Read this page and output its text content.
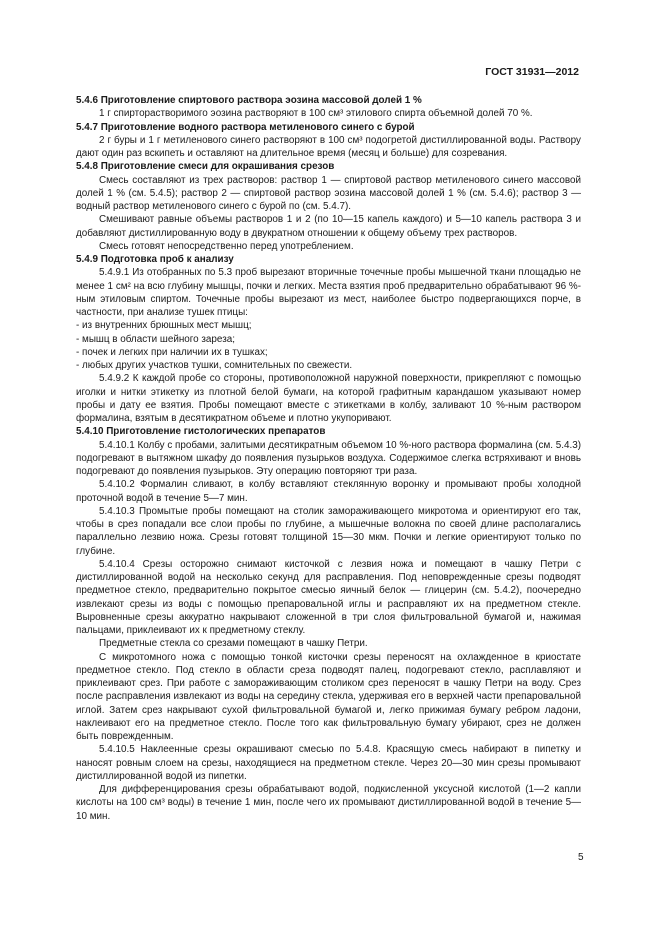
ГОСТ 31931—2012
5.4.6 Приготовление спиртового раствора эозина массовой долей 1 %
1 г спирторастворимого эозина растворяют в 100 см³ этилового спирта объемной долей 70 %.
5.4.7 Приготовление водного раствора метиленового синего с бурой
2 г буры и 1 г метиленового синего растворяют в 100 см³ подогретой дистиллированной воды. Раствору дают один раз вскипеть и оставляют на длительное время (месяц и больше) для созревания.
5.4.8 Приготовление смеси для окрашивания срезов
Смесь составляют из трех растворов: раствор 1 — спиртовой раствор метиленового синего массовой долей 1 % (см. 5.4.5); раствор 2 — спиртовой раствор эозина массовой долей 1 % (см. 5.4.6); раствор 3 — водный раствор метиленового синего с бурой по (см. 5.4.7).
Смешивают равные объемы растворов 1 и 2 (по 10—15 капель каждого) и 5—10 капель раствора 3 и добавляют дистиллированную воду в двукратном отношении к общему объему трех растворов.
Смесь готовят непосредственно перед употреблением.
5.4.9 Подготовка проб к анализу
5.4.9.1 Из отобранных по 5.3 проб вырезают вторичные точечные пробы мышечной ткани площадью не менее 1 см² на всю глубину мышцы, почки и легких. Места взятия проб предварительно обрабатывают 96 %-ным этиловым спиртом. Точечные пробы вырезают из мест, наиболее быстро подвергающихся порче, в частности, при анализе тушек птицы:
- из внутренних брюшных мест мышц;
- мышц в области шейного зареза;
- почек и легких при наличии их в тушках;
- любых других участков тушки, сомнительных по свежести.
5.4.9.2 К каждой пробе со стороны, противоположной наружной поверхности, прикрепляют с помощью иголки и нитки этикетку из плотной белой бумаги, на которой графитным карандашом указывают номер пробы и дату ее взятия. Пробы помещают вместе с этикетками в колбу, заливают 10 %-ным раствором формалина, взятым в десятикратном объеме и плотно укупоривают.
5.4.10 Приготовление гистологических препаратов
5.4.10.1 Колбу с пробами, залитыми десятикратным объемом 10 %-ного раствора формалина (см. 5.4.3) подогревают в вытяжном шкафу до появления пузырьков воздуха. Содержимое слегка встряхивают и вновь подогревают до появления пузырьков. Эту операцию повторяют три раза.
5.4.10.2 Формалин сливают, в колбу вставляют стеклянную воронку и промывают пробы холодной проточной водой в течение 5—7 мин.
5.4.10.3 Промытые пробы помещают на столик замораживающего микротома и ориентируют его так, чтобы в срез попадали все слои пробы по глубине, а мышечные волокна по своей длине располагались параллельно лезвию ножа. Срезы готовят толщиной 15—30 мкм. Почки и легкие ориентируют только по глубине.
5.4.10.4 Срезы осторожно снимают кисточкой с лезвия ножа и помещают в чашку Петри с дистиллированной водой на несколько секунд для расправления. Под неповрежденные срезы подводят предметное стекло, предварительно покрытое смесью яичный белок — глицерин (см. 5.4.2), поочередно извлекают срезы из воды с помощью препаровальной иглы и расправляют их на предметном стекле. Выровненные срезы аккуратно накрывают сложенной в три слоя фильтровальной бумагой и, нажимая пальцами, приклеивают их к предметному стеклу.
Предметные стекла со срезами помещают в чашку Петри.
С микротомного ножа с помощью тонкой кисточки срезы переносят на охлажденное в криостате предметное стекло. Под стекло в области среза подводят палец, подогревают стекло, расплавляют и приклеивают срез. При работе с замораживающим столиком срез переносят в чашку Петри на воду. Срез после расправления извлекают из воды на середину стекла, удерживая его в верхней части препаровальной иглой. Затем срез накрывают сухой фильтровальной бумагой и, легко прижимая бумагу ребром ладони, наклеивают его на предметное стекло. После того как фильтровальную бумагу убирают, срез не должен быть поврежденным.
5.4.10.5 Наклеенные срезы окрашивают смесью по 5.4.8. Красящую смесь набирают в пипетку и наносят ровным слоем на срезы, находящиеся на предметном стекле. Через 20—30 мин срезы промывают дистиллированной водой из пипетки.
Для дифференцирования срезы обрабатывают водой, подкисленной уксусной кислотой (1—2 капли кислоты на 100 см³ воды) в течение 1 мин, после чего их промывают дистиллированной водой в течение 5—10 мин.
5
